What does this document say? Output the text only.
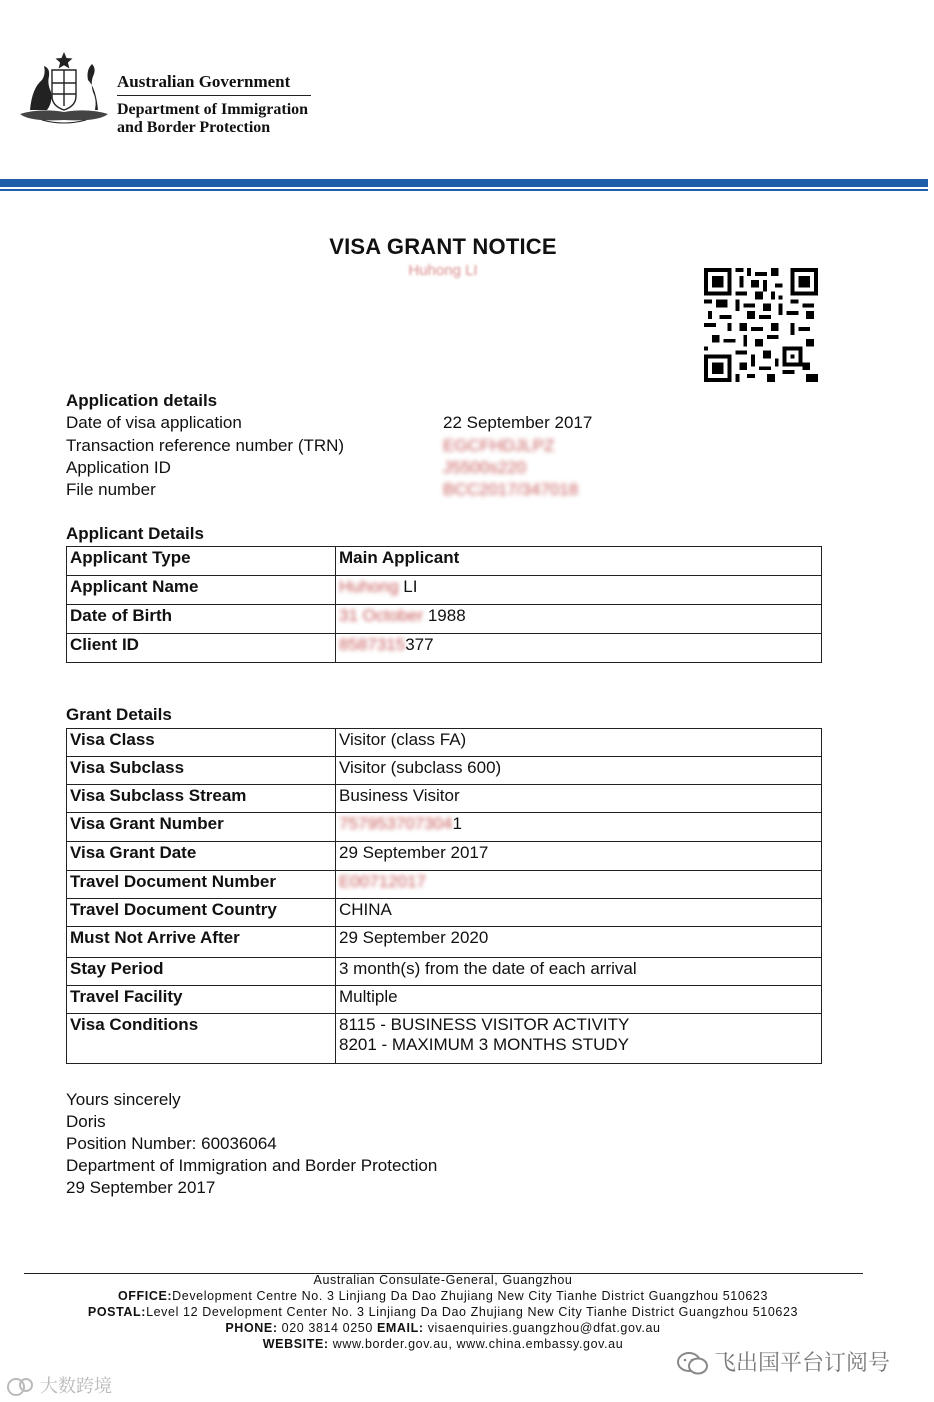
Australian Government
Department of Immigration
and Border Protection
VISA GRANT NOTICE
Huhong LI
Application details
Date of visa application	22 September 2017
Transaction reference number (TRN)	EGCFHDJLPZ
Application ID	J5500s220
File number	BCC2017/347018
Applicant Details
Applicant Type	Main Applicant
Applicant Name	Huhong LI
Date of Birth	31 October 1988
Client ID	8587315377
Grant Details
Visa Class	Visitor (class FA)
Visa Subclass	Visitor (subclass 600)
Visa Subclass Stream	Business Visitor
Visa Grant Number	7579537073041
Visa Grant Date	29 September 2017
Travel Document Number	E00712017
Travel Document Country	CHINA
Must Not Arrive After	29 September 2020
Stay Period	3 month(s) from the date of each arrival
Travel Facility	Multiple
Visa Conditions	8115 - BUSINESS VISITOR ACTIVITY
8201 - MAXIMUM 3 MONTHS STUDY
Yours sincerely
Doris
Position Number: 60036064
Department of Immigration and Border Protection
29 September 2017
Australian Consulate-General, Guangzhou
OFFICE:Development Centre No. 3 Linjiang Da Dao Zhujiang New City Tianhe District Guangzhou 510623
POSTAL:Level 12 Development Center No. 3 Linjiang Da Dao Zhujiang New City Tianhe District Guangzhou 510623
PHONE: 020 3814 0250 EMAIL: visaenquiries.guangzhou@dfat.gov.au
WEBSITE: www.border.gov.au, www.china.embassy.gov.au
大数跨境
飞出国平台订阅号
